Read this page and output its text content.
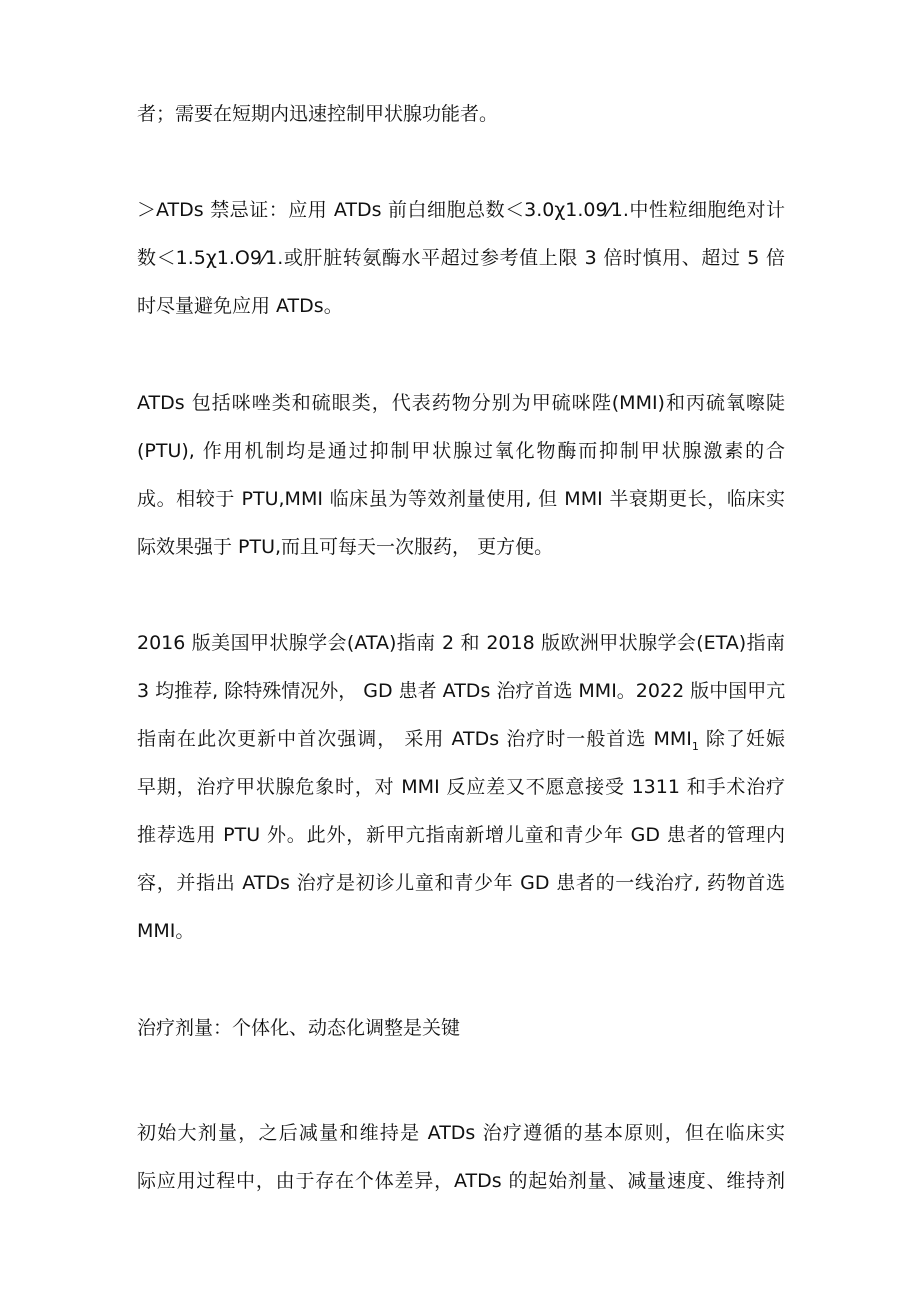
者；需要在短期内迅速控制甲状腺功能者。
＞ATDs 禁忌证：应用 ATDs 前白细胞总数＜3.0χ1.09⁄1.中性粒细胞绝对计
数＜1.5χ1.O9⁄1.或肝脏转氨酶水平超过参考值上限 3 倍时慎用、超过 5 倍
时尽量避免应用 ATDs。
ATDs 包括咪唑类和硫眼类，代表药物分别为甲硫咪陛(MMI)和丙硫氧嚓陡
(PTU), 作用机制均是通过抑制甲状腺过氧化物酶而抑制甲状腺激素的合
成。相较于 PTU,MMI 临床虽为等效剂量使用, 但 MMI 半衰期更长，临床实
际效果强于 PTU,而且可每天一次服药， 更方便。
2016 版美国甲状腺学会(ATA)指南 2 和 2018 版欧洲甲状腺学会(ETA)指南
3 均推荐, 除特殊情况外， GD 患者 ATDs 治疗首选 MMI。2022 版中国甲亢
指南在此次更新中首次强调， 采用 ATDs 治疗时一般首选 $MMI_1$ 除了妊娠
早期，治疗甲状腺危象时，对 MMI 反应差又不愿意接受 1311 和手术治疗
推荐选用 PTU 外。此外，新甲亢指南新增儿童和青少年 GD 患者的管理内
容，并指出 ATDs 治疗是初诊儿童和青少年 GD 患者的一线治疗, 药物首选
MMI。
治疗剂量：个体化、动态化调整是关键
初始大剂量，之后减量和维持是 ATDs 治疗遵循的基本原则，但在临床实
际应用过程中，由于存在个体差异，ATDs 的起始剂量、减量速度、维持剂
